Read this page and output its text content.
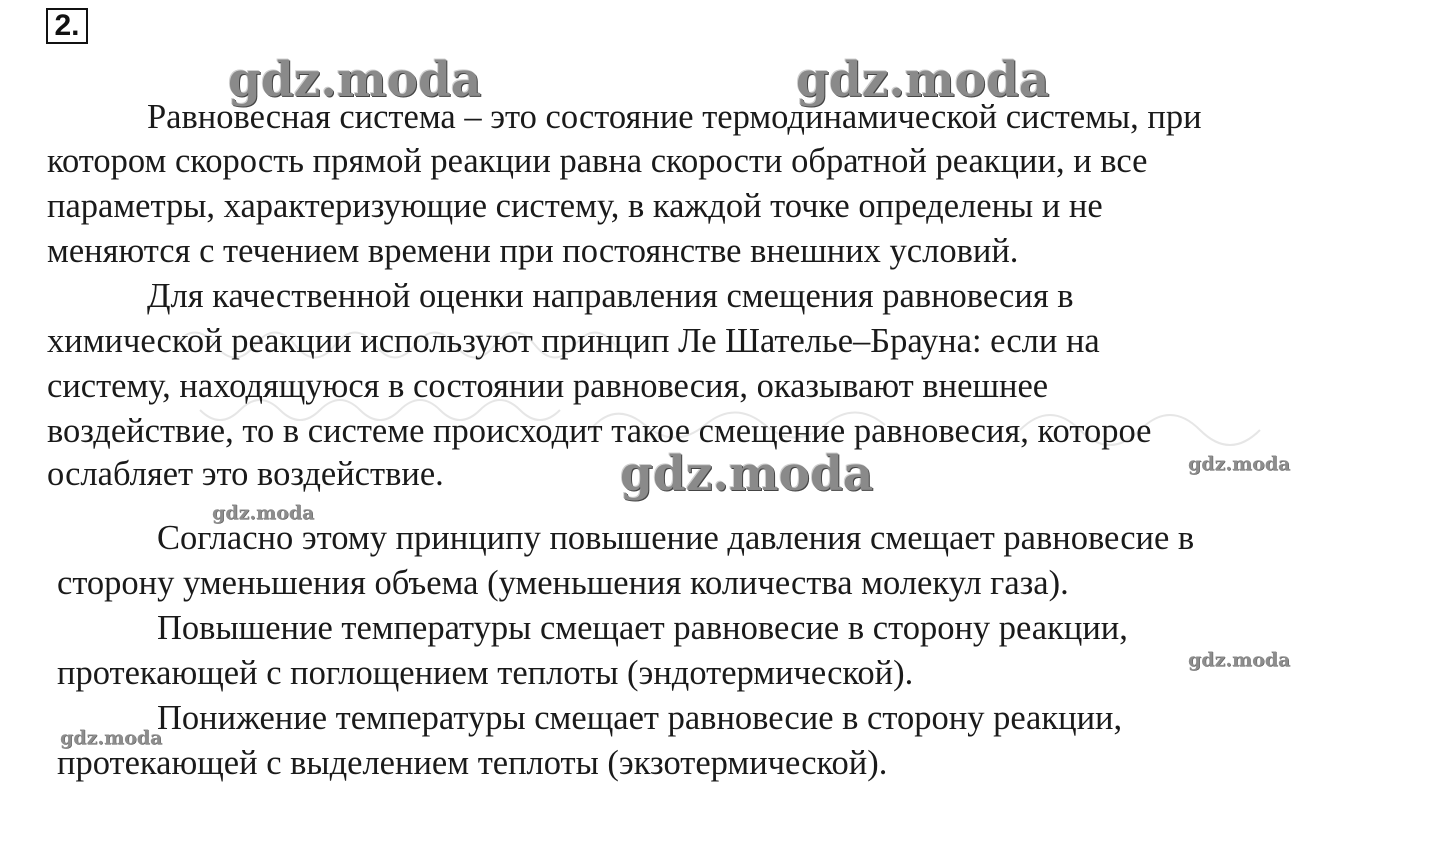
2.
gdz.moda	gdz.moda
gdz.moda	gdz.moda
gdz.moda
gdz.moda
gdz.moda
Равновесная система – это состояние термодинамической системы, при
котором скорость прямой реакции равна скорости обратной реакции, и все
параметры, характеризующие систему, в каждой точке определены и не
меняются с течением времени при постоянстве внешних условий.
Для качественной оценки направления смещения равновесия в
химической реакции используют принцип Ле Шателье–Брауна: если на
систему, находящуюся в состоянии равновесия, оказывают внешнее
воздействие, то в системе происходит такое смещение равновесия, которое
ослабляет это воздействие.
Согласно этому принципу повышение давления смещает равновесие в
сторону уменьшения объема (уменьшения количества молекул газа).
Повышение температуры смещает равновесие в сторону реакции,
протекающей с поглощением теплоты (эндотермической).
Понижение температуры смещает равновесие в сторону реакции,
протекающей с выделением теплоты (экзотермической).
